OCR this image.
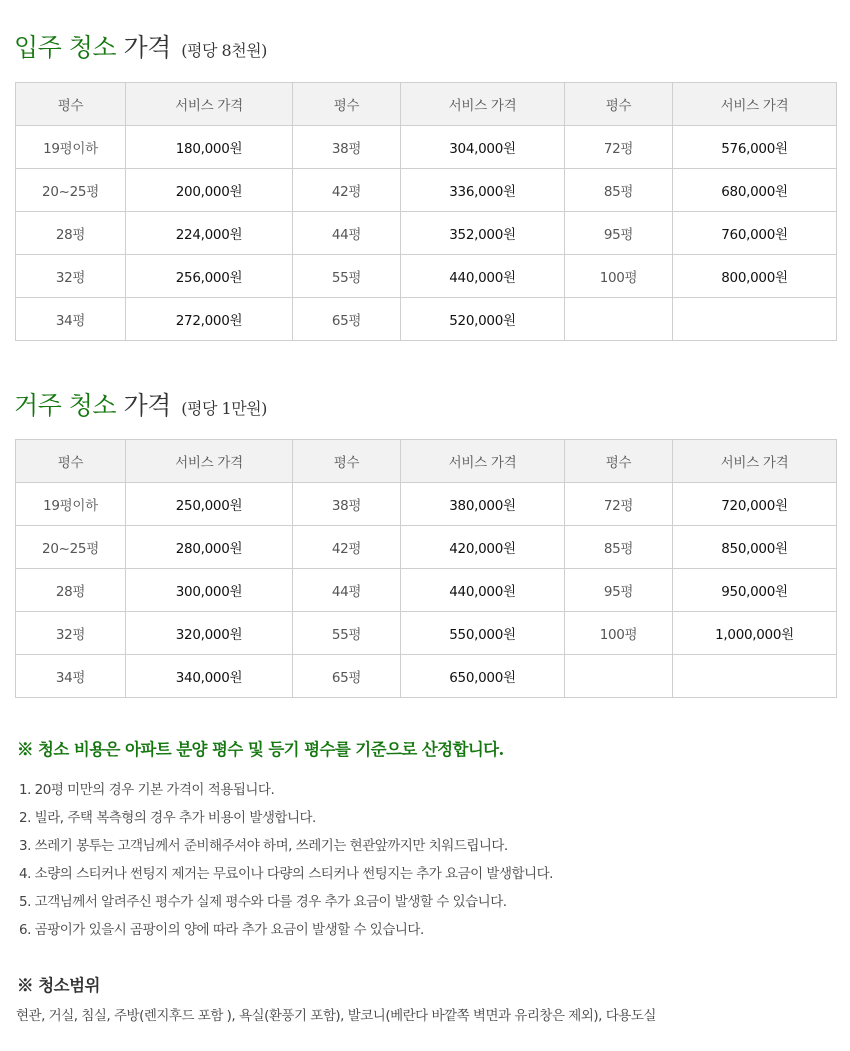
입주 청소 가격 (평당 8천원)
평수	서비스 가격	평수	서비스 가격	평수	서비스 가격
19평이하	180,000원	38평	304,000원	72평	576,000원
20~25평	200,000원	42평	336,000원	85평	680,000원
28평	224,000원	44평	352,000원	95평	760,000원
32평	256,000원	55평	440,000원	100평	800,000원
34평	272,000원	65평	520,000원		
거주 청소 가격 (평당 1만원)
평수	서비스 가격	평수	서비스 가격	평수	서비스 가격
19평이하	250,000원	38평	380,000원	72평	720,000원
20~25평	280,000원	42평	420,000원	85평	850,000원
28평	300,000원	44평	440,000원	95평	950,000원
32평	320,000원	55평	550,000원	100평	1,000,000원
34평	340,000원	65평	650,000원		
※ 청소 비용은 아파트 분양 평수 및 등기 평수를 기준으로 산정합니다.
1. 20평 미만의 경우 기본 가격이 적용됩니다.
2. 빌라, 주택 복측형의 경우 추가 비용이 발생합니다.
3. 쓰레기 봉투는 고객님께서 준비해주셔야 하며, 쓰레기는 현관앞까지만 치워드립니다.
4. 소량의 스티커나 썬팅지 제거는 무료이나 다량의 스티커나 썬팅지는 추가 요금이 발생합니다.
5. 고객님께서 알려주신 평수가 실제 평수와 다를 경우 추가 요금이 발생할 수 있습니다.
6. 곰팡이가 있을시 곰팡이의 양에 따라 추가 요금이 발생할 수 있습니다.
※ 청소범위
현관, 거실, 침실, 주방(렌지후드 포함 ), 욕실(환풍기 포함), 발코니(베란다 바깥쪽 벽면과 유리창은 제외), 다용도실
